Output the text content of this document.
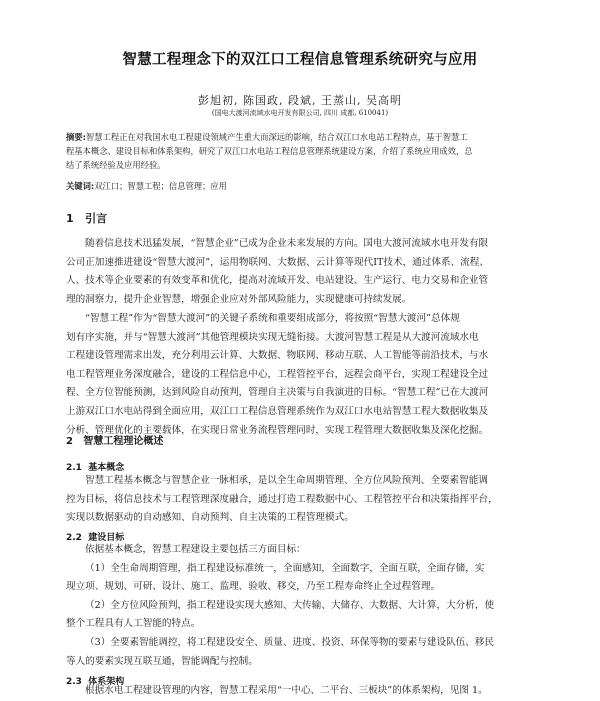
智慧工程理念下的双江口工程信息管理系统研究与应用
彭旭初, 陈国政, 段斌, 王蒸山, 吴高明
(国电大渡河流域水电开发有限公司, 四川 成都, 610041)
摘要:智慧工程正在对我国水电工程建设领域产生重大而深远的影响，结合双江口水电站工程特点，基于智慧工
程基本概念、建设目标和体系架构，研究了双江口水电站工程信息管理系统建设方案，介绍了系统应用成效，总
结了系统经验及应用经验。
关键词:双江口；智慧工程；信息管理；应用
1 引言
随着信息技术迅猛发展，“智慧企业”已成为企业未来发展的方向。国电大渡河流域水电开发有限
公司正加速推进建设“智慧大渡河”，运用物联网、大数据、云计算等现代IT技术，通过体系、流程、
人、技术等企业要素的有效变革和优化，提高对流域开发、电站建设、生产运行、电力交易和企业管
理的洞察力，提升企业智慧，增强企业应对外部风险能力，实现健康可持续发展。
“智慧工程”作为“智慧大渡河”的关键子系统和重要组成部分，将按照“智慧大渡河”总体规
划有序实施，并与“智慧大渡河”其他管理模块实现无缝衔接。大渡河智慧工程是从大渡河流域水电
工程建设管理需求出发，充分利用云计算、大数据、物联网、移动互联、人工智能等前沿技术，与水
电工程管理业务深度融合，建设的工程信息中心，工程管控平台，远程会商平台，实现工程建设全过
程、全方位智能预测，达到风险自动预判，管理自主决策与自我演进的目标。“智慧工程”已在大渡河
上游双江口水电站得到全面应用，双江口工程信息管理系统作为双江口水电站智慧工程大数据收集及
分析、管理优化的主要载体，在实现日常业务流程管理同时，实现工程管理大数据收集及深化挖掘。
2 智慧工程理论概述
2.1 基本概念
智慧工程基本概念与智慧企业一脉相承，是以全生命周期管理、全方位风险预判、全要素智能调
控为目标，将信息技术与工程管理深度融合，通过打造工程数据中心、工程管控平台和决策指挥平台，
实现以数据驱动的自动感知、自动预判、自主决策的工程管理模式。
2.2 建设目标
依据基本概念，智慧工程建设主要包括三方面目标：
（1）全生命周期管理，指工程建设标准统一，全面感知，全面数字，全面互联，全面存储，实
现立项、规划、可研、设计、施工、监理、验收、移交，乃至工程寿命终止全过程管理。
（2）全方位风险预判，指工程建设实现大感知、大传输、大储存、大数据、大计算，大分析，使
整个工程具有人工智能的特点。
（3）全要素智能调控，将工程建设安全、质量、进度、投资、环保等物的要素与建设队伍、移民
等人的要素实现互联互通，智能调配与控制。
2.3 体系架构
根据水电工程建设管理的内容，智慧工程采用“一中心、二平台、三板块”的体系架构，见图 1。
